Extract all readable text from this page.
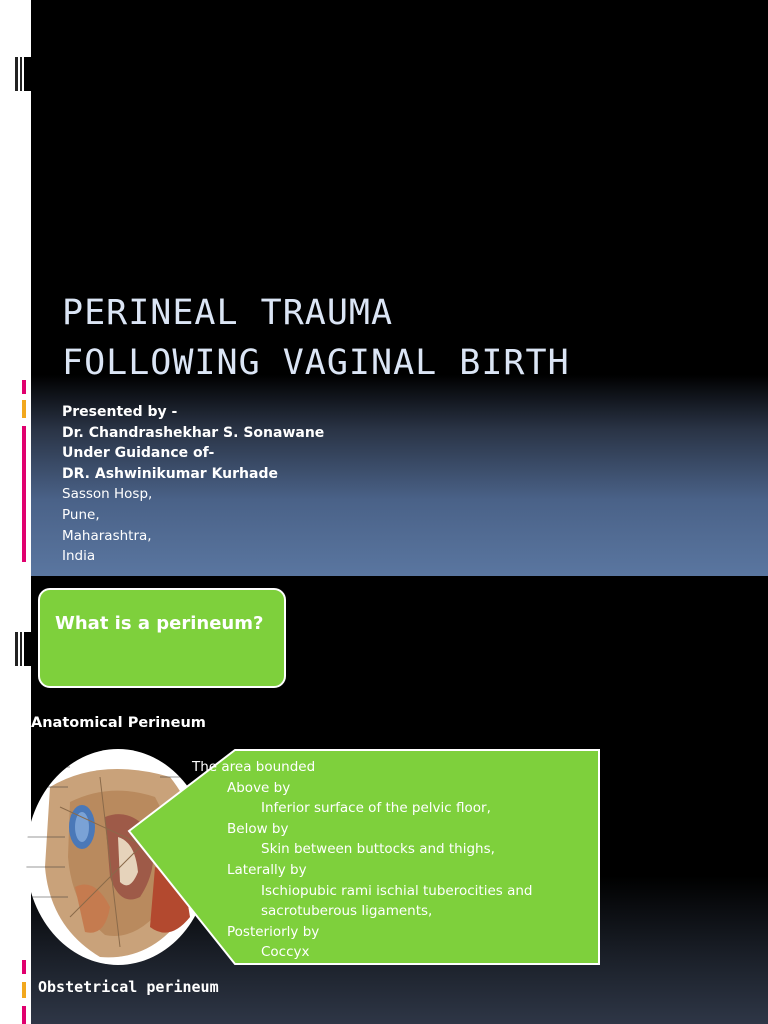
PERINEAL TRAUMA
FOLLOWING VAGINAL BIRTH
Presented by -
Dr. Chandrashekhar S. Sonawane
Under Guidance of-
DR. Ashwinikumar Kurhade
Sasson Hosp,
Pune,
Maharashtra,
India
What is a perineum?
Anatomical Perineum
The area bounded
Above by
Inferior surface of the pelvic floor,
Below by
Skin between buttocks and thighs,
Laterally by
Ischiopubic rami ischial tuberocities and
sacrotuberous ligaments,
Posteriorly by
Coccyx
Obstetrical perineum
